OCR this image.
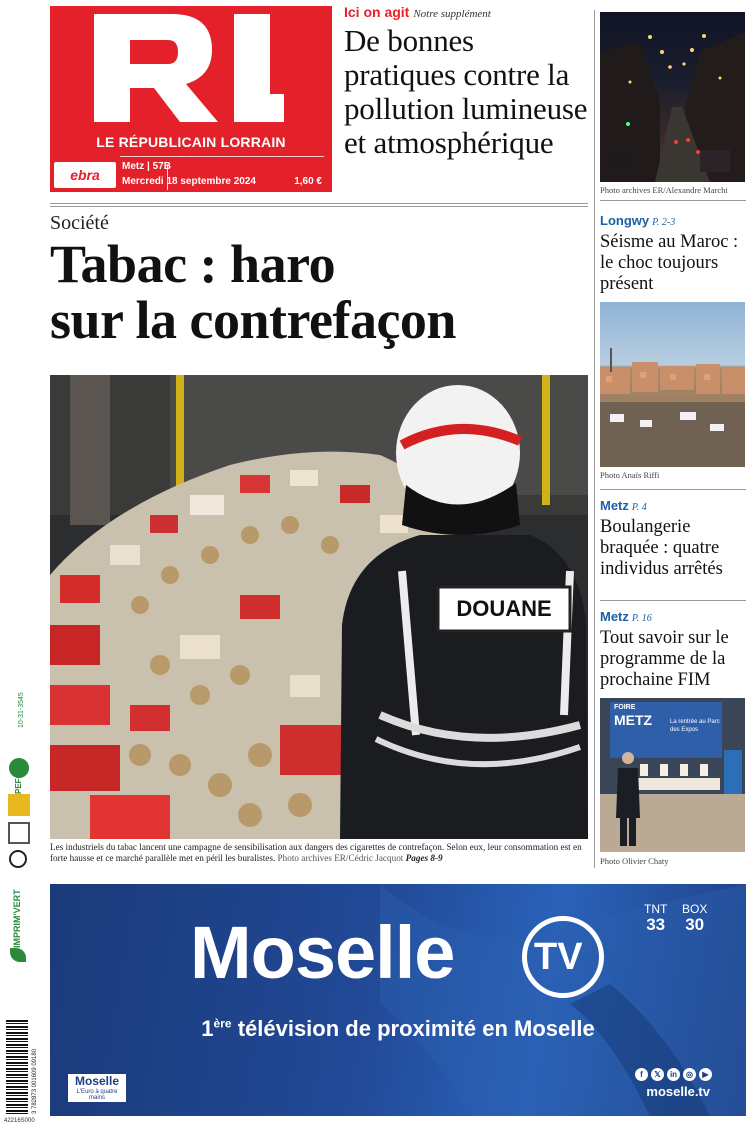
LE RÉPUBLICAIN LORRAIN
ebra
Metz | 57B
Mercredi 18 septembre 2024	1,60 €
Ici on agit Notre supplément
De bonnes pratiques contre la pollution lumineuse et atmosphérique
Photo archives ER/Alexandre Marchi
Société
Tabac : haro
sur la contrefaçon
DOUANE
Les industriels du tabac lancent une campagne de sensibilisation aux dangers des cigarettes de contrefaçon. Selon eux, leur consommation est en forte hausse et ce marché parallèle met en péril les buralistes. Photo archives ER/Cédric Jacquot Pages 8-9
Longwy P. 2-3
Séisme au Maroc : le choc toujours présent
Photo Anaïs Riffi
Metz P. 4
Boulangerie braquée : quatre individus arrêtés
Metz P. 16
Tout savoir sur le programme de la prochaine FIM
FOIRE
METZ	La rentrée au Parc des Expos
Photo Olivier Chaty
TNT
33
BOX
30
Moselle TV
1ère télévision de proximité en Moselle
Moselle
L'Euro à quatre mains
f	𝕏	in	◎	▶
moselle.tv
10-31-3545
PEFC
IMPRIM'VERT
3 782873 001609 09180
42216S000
